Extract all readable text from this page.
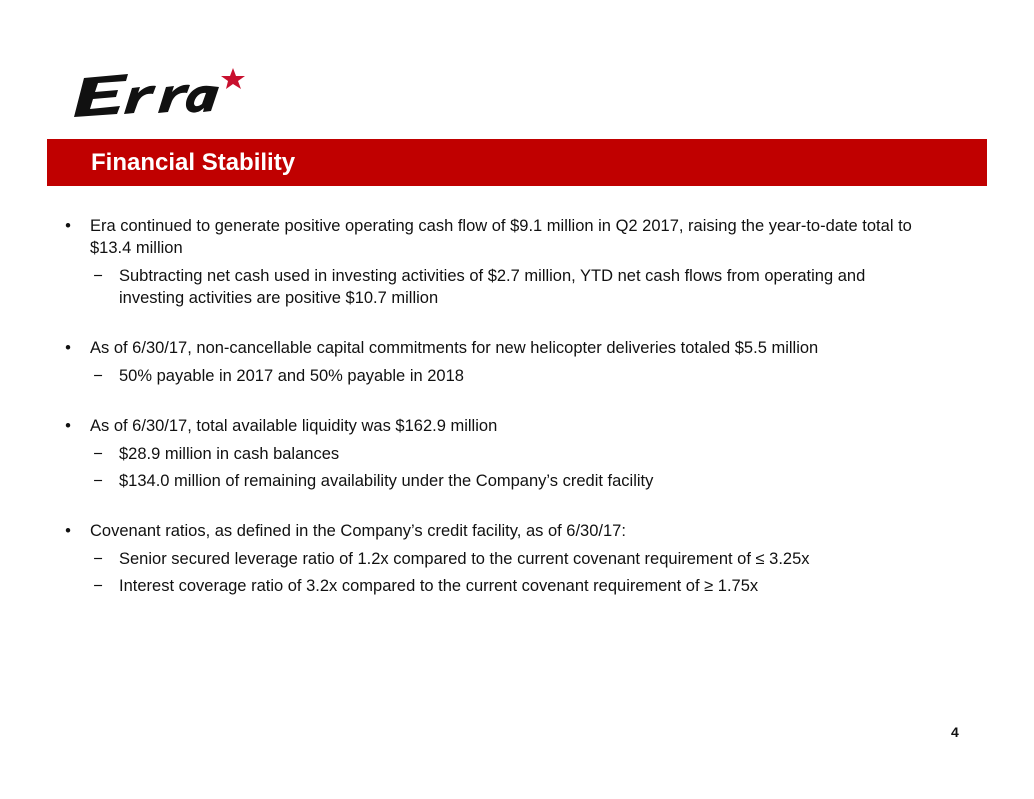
Financial Stability
•	Era continued to generate positive operating cash flow of $9.1 million in Q2 2017, raising the year-to-date total to $13.4 million
− Subtracting net cash used in investing activities of $2.7 million, YTD net cash flows from operating and investing activities are positive $10.7 million
•	As of 6/30/17, non-cancellable capital commitments for new helicopter deliveries totaled $5.5 million
− 50% payable in 2017 and 50% payable in 2018
•	As of 6/30/17, total available liquidity was $162.9 million
− $28.9 million in cash balances
− $134.0 million of remaining availability under the Company’s credit facility
•	Covenant ratios, as defined in the Company’s credit facility, as of 6/30/17:
− Senior secured leverage ratio of 1.2x compared to the current covenant requirement of ≤ 3.25x
− Interest coverage ratio of 3.2x compared to the current covenant requirement of ≥ 1.75x
4
